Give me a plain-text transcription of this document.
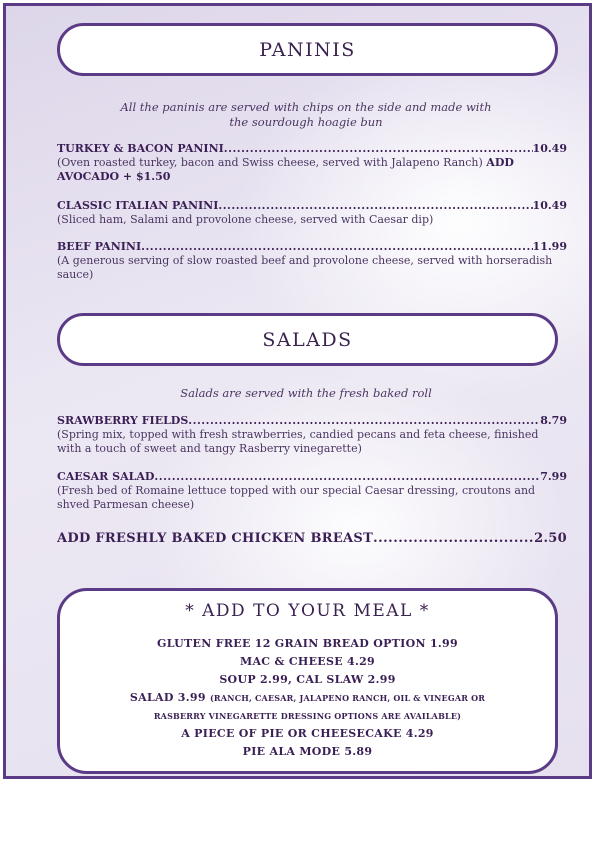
PANINIS
All the paninis are served with chips on the side and made with
the sourdough hoagie bun
TURKEY & BACON PANINI .....	10.49
(Oven roasted turkey, bacon and Swiss cheese, served with Jalapeno Ranch) ADD AVOCADO + $1.50
CLASSIC ITALIAN PANINI .....	10.49
(Sliced ham, Salami and provolone cheese, served with Caesar dip)
BEEF PANINI .....	11.99
(A generous serving of slow roasted beef and provolone cheese, served with horseradish sauce)
SALADS
Salads are served with the fresh baked roll
SRAWBERRY FIELDS .....	8.79
(Spring mix, topped with fresh strawberries, candied pecans and feta cheese, finished with a touch of sweet and tangy Rasberry vinegarette)
CAESAR SALAD .....	7.99
(Fresh bed of Romaine lettuce topped with our special Caesar dressing, croutons and shved Parmesan cheese)
ADD FRESHLY BAKED CHICKEN BREAST .....	2.50
* ADD TO YOUR MEAL *
GLUTEN FREE 12 GRAIN BREAD OPTION 1.99
MAC & CHEESE 4.29
SOUP 2.99, CAL SLAW 2.99
SALAD 3.99 (RANCH, CAESAR, JALAPENO RANCH, OIL & VINEGAR OR
RASBERRY VINEGARETTE DRESSING OPTIONS ARE AVAILABLE)
A PIECE OF PIE OR CHEESECAKE 4.29
PIE ALA MODE 5.89
